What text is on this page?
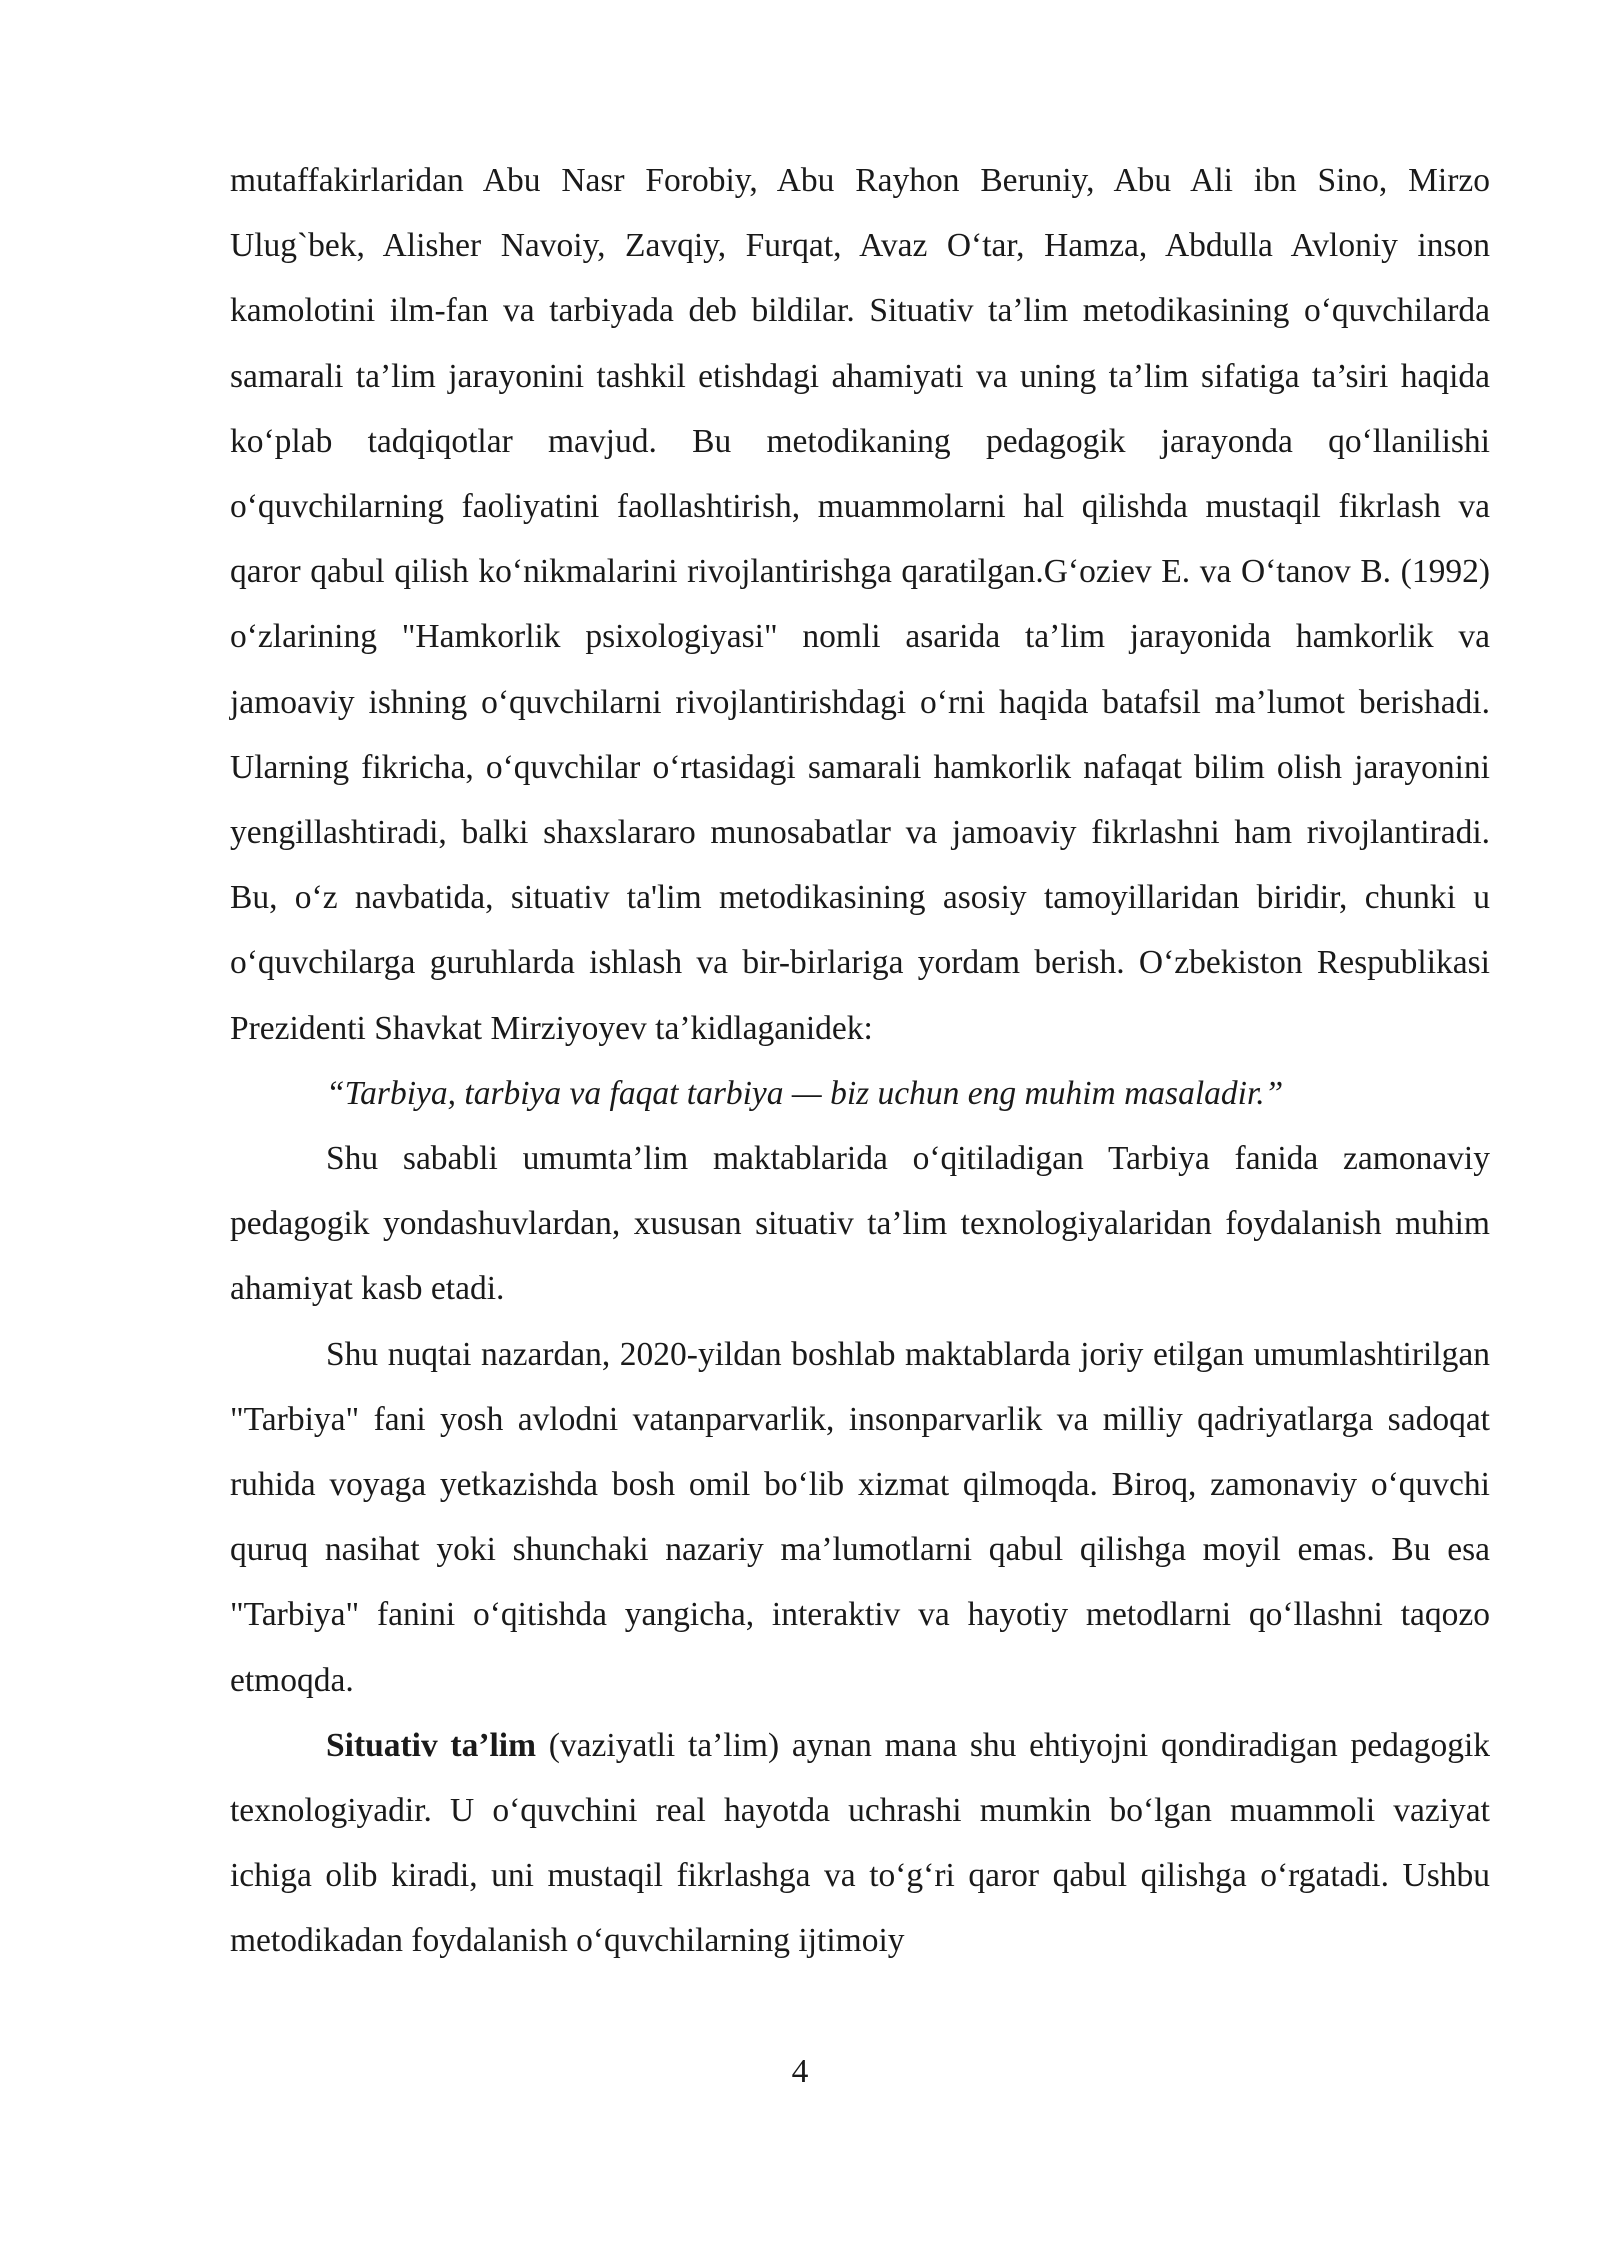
mutaffakirlaridan Abu Nasr Forobiy, Abu Rayhon Beruniy, Abu Ali ibn Sino, Mirzo Ulug`bek, Alisher Navoiy, Zavqiy, Furqat, Avaz O‘tar, Hamza, Abdulla Avloniy inson kamolotini ilm-fan va tarbiyada deb bildilar. Situativ ta’lim metodikasining o‘quvchilarda samarali ta’lim jarayonini tashkil etishdagi ahamiyati va uning ta’lim sifatiga ta’siri haqida ko‘plab tadqiqotlar mavjud. Bu metodikaning pedagogik jarayonda qo‘llanilishi o‘quvchilarning faoliyatini faollashtirish, muammolarni hal qilishda mustaqil fikrlash va qaror qabul qilish ko‘nikmalarini rivojlantirishga qaratilgan.G‘oziev E. va O‘tanov B. (1992) o‘zlarining "Hamkorlik psixologiyasi" nomli asarida ta’lim jarayonida hamkorlik va jamoaviy ishning o‘quvchilarni rivojlantirishdagi o‘rni haqida batafsil ma’lumot berishadi. Ularning fikricha, o‘quvchilar o‘rtasidagi samarali hamkorlik nafaqat bilim olish jarayonini yengillashtiradi, balki shaxslararo munosabatlar va jamoaviy fikrlashni ham rivojlantiradi. Bu, o‘z navbatida, situativ ta'lim metodikasining asosiy tamoyillaridan biridir, chunki u o‘quvchilarga guruhlarda ishlash va bir-birlariga yordam berish. O‘zbekiston Respublikasi Prezidenti Shavkat Mirziyoyev ta’kidlaganidek:

“Tarbiya, tarbiya va faqat tarbiya — biz uchun eng muhim masaladir.”

Shu sababli umumta’lim maktablarida o‘qitiladigan Tarbiya fanida zamonaviy pedagogik yondashuvlardan, xususan situativ ta’lim texnologiyalaridan foydalanish muhim ahamiyat kasb etadi.

Shu nuqtai nazardan, 2020-yildan boshlab maktablarda joriy etilgan umumlashtirilgan "Tarbiya" fani yosh avlodni vatanparvarlik, insonparvarlik va milliy qadriyatlarga sadoqat ruhida voyaga yetkazishda bosh omil bo‘lib xizmat qilmoqda. Biroq, zamonaviy o‘quvchi quruq nasihat yoki shunchaki nazariy ma’lumotlarni qabul qilishga moyil emas. Bu esa "Tarbiya" fanini o‘qitishda yangicha, interaktiv va hayotiy metodlarni qo‘llashni taqozo etmoqda.

Situativ ta’lim (vaziyatli ta’lim) aynan mana shu ehtiyojni qondiradigan pedagogik texnologiyadir. U o‘quvchini real hayotda uchrashi mumkin bo‘lgan muammoli vaziyat ichiga olib kiradi, uni mustaqil fikrlashga va to‘g‘ri qaror qabul qilishga o‘rgatadi. Ushbu metodikadan foydalanish o‘quvchilarning ijtimoiy

4
